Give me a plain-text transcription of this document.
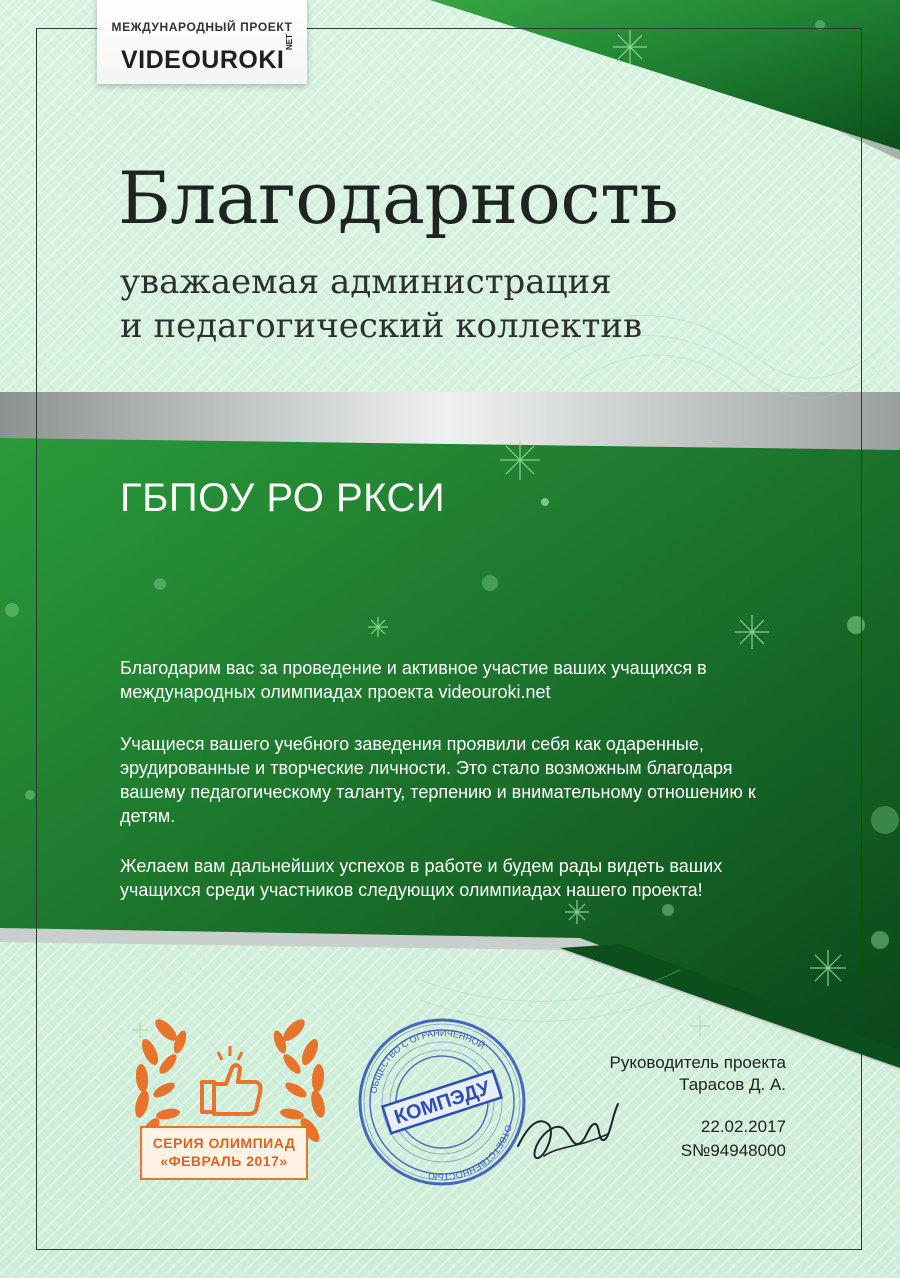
МЕЖДУНАРОДНЫЙ ПРОЕКТ
VIDEOUROKI
NET
Благодарность
уважаемая администрация
и педагогический коллектив
ГБПОУ РО РКСИ
Благодарим вас за проведение и активное участие ваших учащихся в международных олимпиадах проекта videouroki.net
Учащиеся вашего учебного заведения проявили себя как одаренные, эрудированные и творческие личности. Это стало возможным благодаря вашему педагогическому таланту, терпению и внимательному отношению к детям.
Желаем вам дальнейших успехов в работе и будем рады видеть ваших учащихся среди участников следующих олимпиадах нашего проекта!
СЕРИЯ ОЛИМПИАД
«ФЕВРАЛЬ 2017»
КОМПЭДУ
ОБЩЕСТВО С ОГРАНИЧЕННОЙ
ОТВЕТСТВЕННОСТЬЮ
Руководитель проекта
Тарасов Д. А.
22.02.2017
S№94948000
